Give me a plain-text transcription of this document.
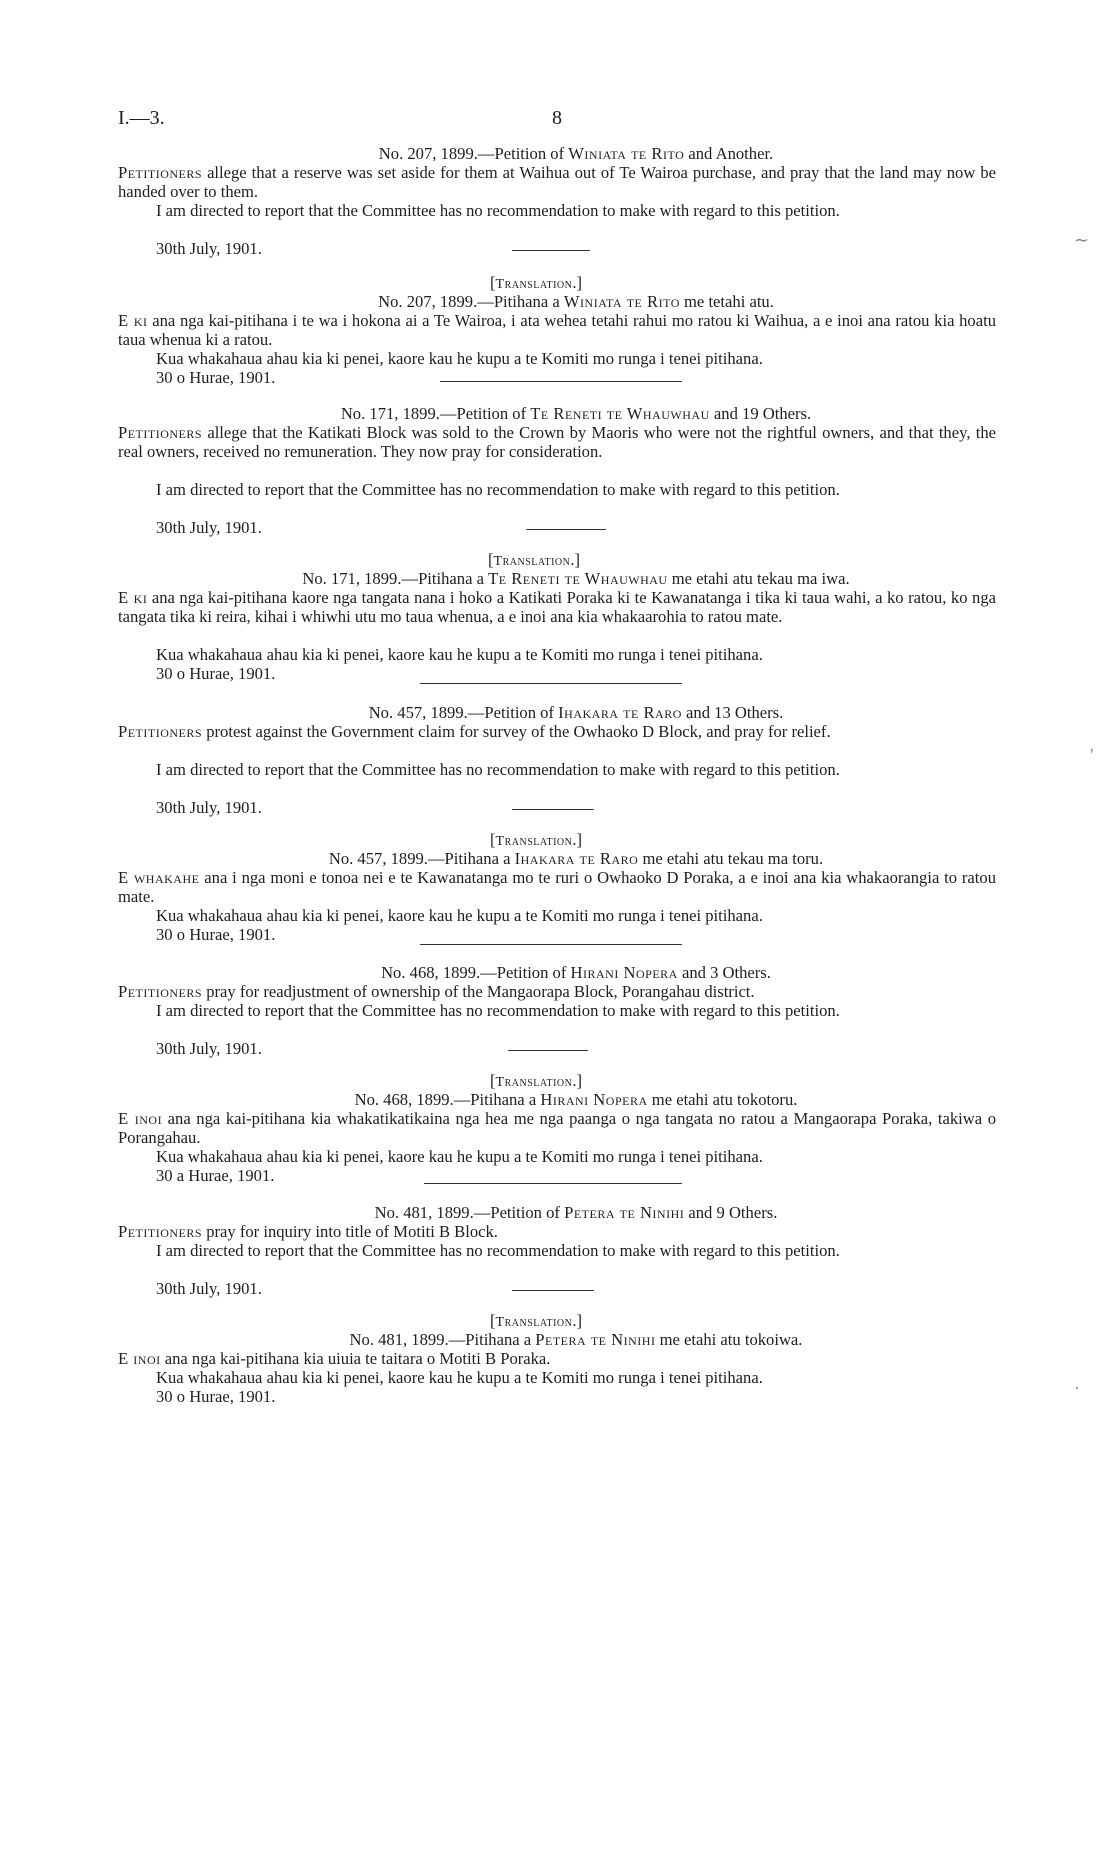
I.—3.	8
No. 207, 1899.—Petition of Winiata te Rito and Another.
Petitioners allege that a reserve was set aside for them at Waihua out of Te Wairoa purchase, and pray that the land may now be handed over to them.
I am directed to report that the Committee has no recommendation to make with regard to this petition.
30th July, 1901.
[Translation.]
No. 207, 1899.—Pitihana a Winiata te Rito me tetahi atu.
E ki ana nga kai-pitihana i te wa i hokona ai a Te Wairoa, i ata wehea tetahi rahui mo ratou ki Waihua, a e inoi ana ratou kia hoatu taua whenua ki a ratou.
Kua whakahaua ahau kia ki penei, kaore kau he kupu a te Komiti mo runga i tenei pitihana.
30 o Hurae, 1901.
No. 171, 1899.—Petition of Te Reneti te Whauwhau and 19 Others.
Petitioners allege that the Katikati Block was sold to the Crown by Maoris who were not the rightful owners, and that they, the real owners, received no remuneration. They now pray for consideration.
I am directed to report that the Committee has no recommendation to make with regard to this petition.
30th July, 1901.
[Translation.]
No. 171, 1899.—Pitihana a Te Reneti te Whauwhau me etahi atu tekau ma iwa.
E ki ana nga kai-pitihana kaore nga tangata nana i hoko a Katikati Poraka ki te Kawanatanga i tika ki taua wahi, a ko ratou, ko nga tangata tika ki reira, kihai i whiwhi utu mo taua whenua, a e inoi ana kia whakaarohia to ratou mate.
Kua whakahaua ahau kia ki penei, kaore kau he kupu a te Komiti mo runga i tenei pitihana.
30 o Hurae, 1901.
No. 457, 1899.—Petition of Ihakara te Raro and 13 Others.
Petitioners protest against the Government claim for survey of the Owhaoko D Block, and pray for relief.
I am directed to report that the Committee has no recommendation to make with regard to this petition.
30th July, 1901.
[Translation.]
No. 457, 1899.—Pitihana a Ihakara te Raro me etahi atu tekau ma toru.
E whakahe ana i nga moni e tonoa nei e te Kawanatanga mo te ruri o Owhaoko D Poraka, a e inoi ana kia whakaorangia to ratou mate.
Kua whakahaua ahau kia ki penei, kaore kau he kupu a te Komiti mo runga i tenei pitihana.
30 o Hurae, 1901.
No. 468, 1899.—Petition of Hirani Nopera and 3 Others.
Petitioners pray for readjustment of ownership of the Mangaorapa Block, Porangahau district.
I am directed to report that the Committee has no recommendation to make with regard to this petition.
30th July, 1901.
[Translation.]
No. 468, 1899.—Pitihana a Hirani Nopera me etahi atu tokotoru.
E inoi ana nga kai-pitihana kia whakatikatikaina nga hea me nga paanga o nga tangata no ratou a Mangaorapa Poraka, takiwa o Porangahau.
Kua whakahaua ahau kia ki penei, kaore kau he kupu a te Komiti mo runga i tenei pitihana.
30 a Hurae, 1901.
No. 481, 1899.—Petition of Petera te Ninihi and 9 Others.
Petitioners pray for inquiry into title of Motiti B Block.
I am directed to report that the Committee has no recommendation to make with regard to this petition.
30th July, 1901.
[Translation.]
No. 481, 1899.—Pitihana a Petera te Ninihi me etahi atu tokoiwa.
E inoi ana nga kai-pitihana kia uiuia te taitara o Motiti B Poraka.
Kua whakahaua ahau kia ki penei, kaore kau he kupu a te Komiti mo runga i tenei pitihana.
30 o Hurae, 1901.
∼
′
·
